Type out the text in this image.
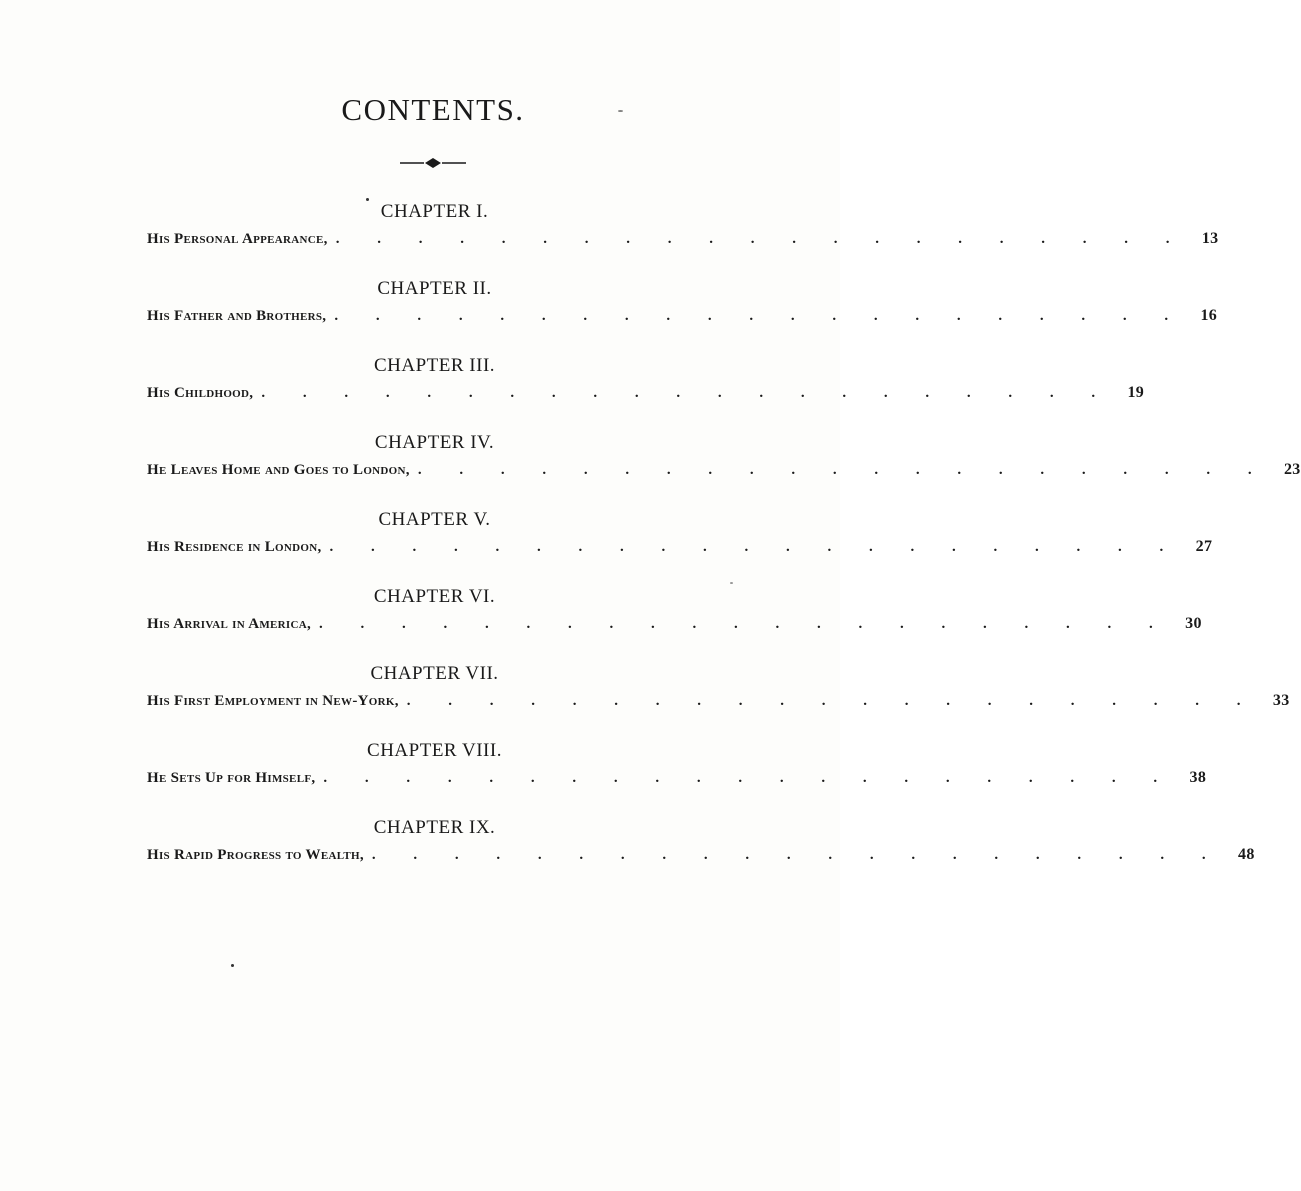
CONTENTS.
CHAPTER I.
His Personal Appearance, . . . . . . . . . . . . . . . . . . . . . 13
CHAPTER II.
His Father and Brothers, . . . . . . . . . . . . . . . . . . . . . 16
CHAPTER III.
His Childhood, . . . . . . . . . . . . . . . . . . . . . 19
CHAPTER IV.
He Leaves Home and Goes to London, . . . . . . . . . . . . . . . . . . . . . 23
CHAPTER V.
His Residence in London, . . . . . . . . . . . . . . . . . . . . . 27
CHAPTER VI.
His Arrival in America, . . . . . . . . . . . . . . . . . . . . . 30
CHAPTER VII.
His First Employment in New-York, . . . . . . . . . . . . . . . . . . . . . 33
CHAPTER VIII.
He Sets Up for Himself, . . . . . . . . . . . . . . . . . . . . . 38
CHAPTER IX.
His Rapid Progress to Wealth, . . . . . . . . . . . . . . . . . . . . . 48
